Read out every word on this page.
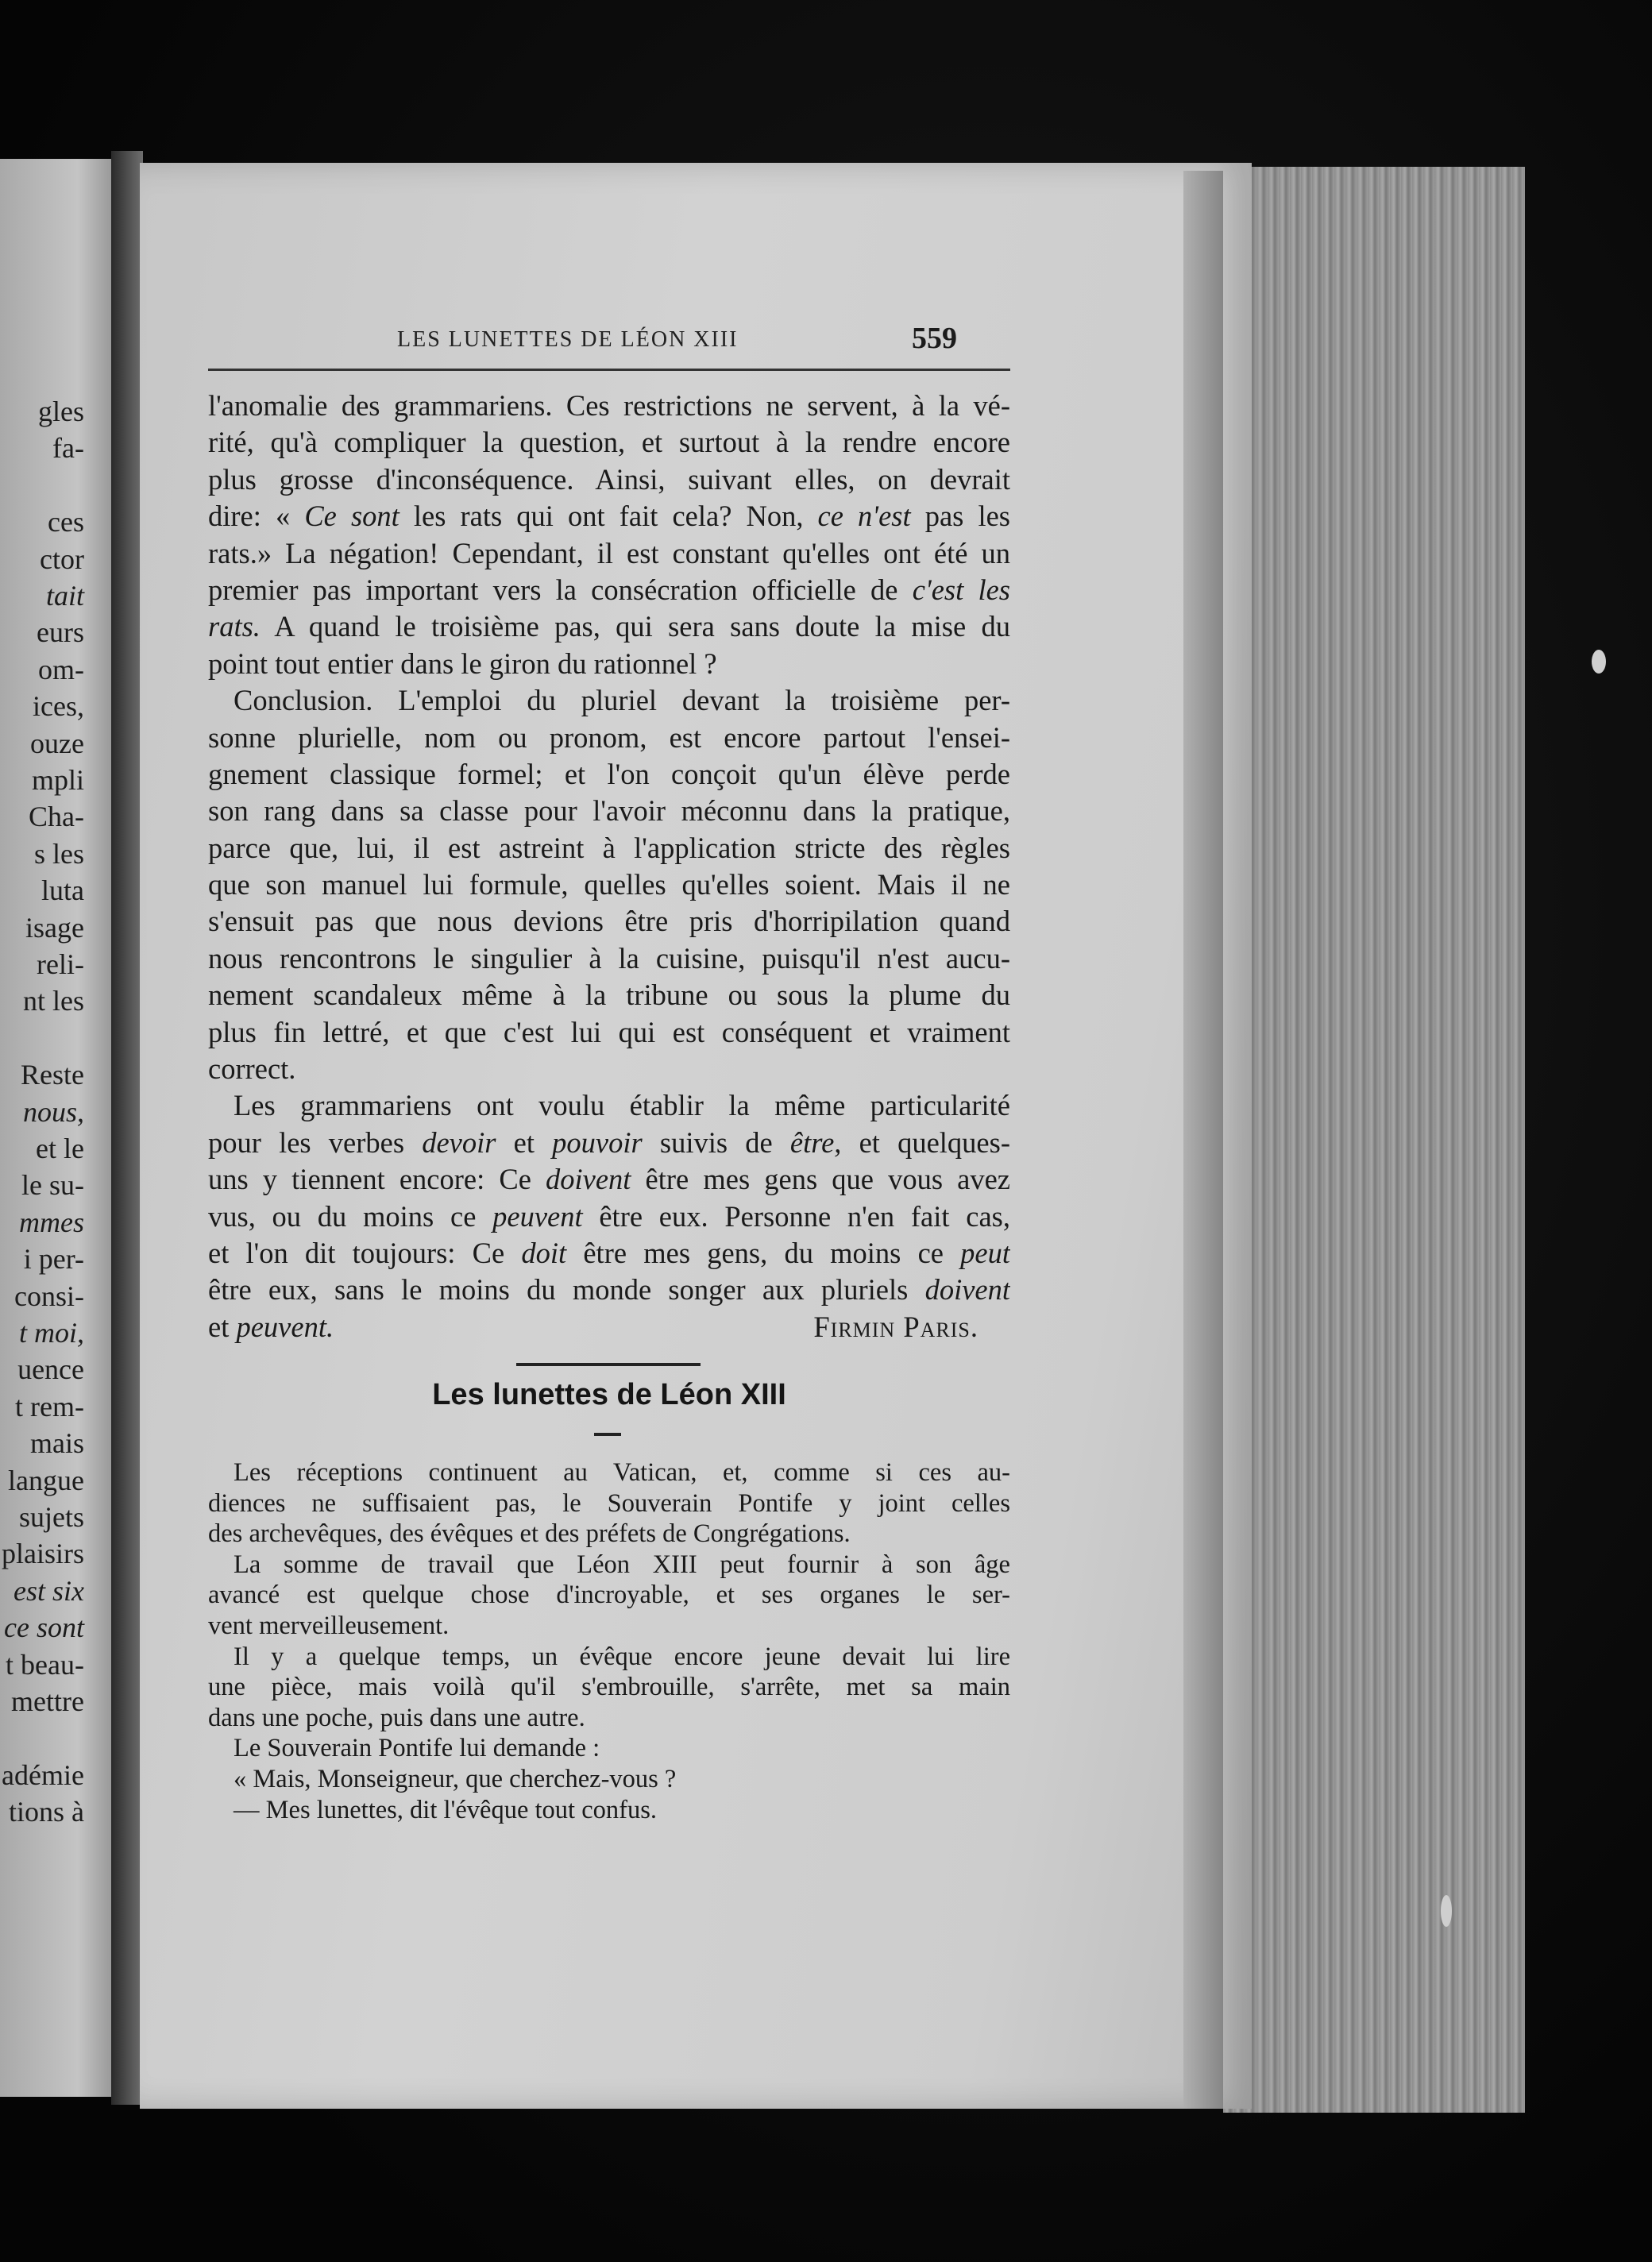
gles
fa-
ces
ctor
tait
eurs
om-
ices,
ouze
mpli
Cha-
s les
luta
isage
reli-
nt les
Reste
nous,
et le
le su-
mmes
i per-
consi-
t moi,
uence
t rem-
mais
langue
sujets
plaisirs
est six
ce sont
t beau-
mettre
adémie
tions à
LES LUNETTES DE LÉON XIII	559
l'anomalie des grammariens. Ces restrictions ne servent, à la vé-
rité, qu'à compliquer la question, et surtout à la rendre encore
plus grosse d'inconséquence. Ainsi, suivant elles, on devrait
dire: « Ce sont les rats qui ont fait cela? Non, ce n'est pas les
rats.» La négation! Cependant, il est constant qu'elles ont été un
premier pas important vers la consécration officielle de c'est les
rats. A quand le troisième pas, qui sera sans doute la mise du
point tout entier dans le giron du rationnel ?
Conclusion. L'emploi du pluriel devant la troisième per-
sonne plurielle, nom ou pronom, est encore partout l'ensei-
gnement classique formel; et l'on conçoit qu'un élève perde
son rang dans sa classe pour l'avoir méconnu dans la pratique,
parce que, lui, il est astreint à l'application stricte des règles
que son manuel lui formule, quelles qu'elles soient. Mais il ne
s'ensuit pas que nous devions être pris d'horripilation quand
nous rencontrons le singulier à la cuisine, puisqu'il n'est aucu-
nement scandaleux même à la tribune ou sous la plume du
plus fin lettré, et que c'est lui qui est conséquent et vraiment
correct.
Les grammariens ont voulu établir la même particularité
pour les verbes devoir et pouvoir suivis de être, et quelques-
uns y tiennent encore: Ce doivent être mes gens que vous avez
vus, ou du moins ce peuvent être eux. Personne n'en fait cas,
et l'on dit toujours: Ce doit être mes gens, du moins ce peut
être eux, sans le moins du monde songer aux pluriels doivent
et peuvent.	Firmin Paris.
Les lunettes de Léon XIII
Les réceptions continuent au Vatican, et, comme si ces au-
diences ne suffisaient pas, le Souverain Pontife y joint celles
des archevêques, des évêques et des préfets de Congrégations.
La somme de travail que Léon XIII peut fournir à son âge
avancé est quelque chose d'incroyable, et ses organes le ser-
vent merveilleusement.
Il y a quelque temps, un évêque encore jeune devait lui lire
une pièce, mais voilà qu'il s'embrouille, s'arrête, met sa main
dans une poche, puis dans une autre.
Le Souverain Pontife lui demande :
« Mais, Monseigneur, que cherchez-vous ?
— Mes lunettes, dit l'évêque tout confus.
